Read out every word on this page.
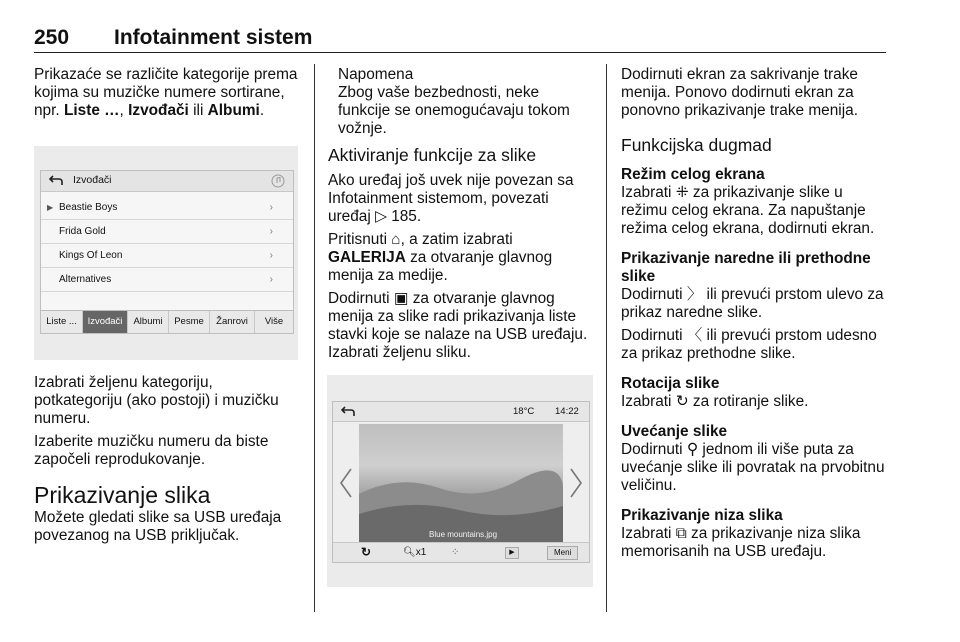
250 Infotainment sistem

Prikazaće se različite kategorije prema kojima su muzičke numere sortirane, npr. Liste …, Izvođači ili Albumi.

Izvođači
▶ Beastie Boys	›
Frida Gold	›
Kings Of Leon	›
Alternatives	›
Liste ...	Izvođači	Albumi	Pesme	Žanrovi	Više

Izabrati željenu kategoriju, potkategoriju (ako postoji) i muzičku numeru.

Izaberite muzičku numeru da biste započeli reprodukovanje.

Prikazivanje slika

Možete gledati slike sa USB uređaja povezanog na USB priključak.

Napomena
Zbog vaše bezbednosti, neke funkcije se onemogućavaju tokom vožnje.
Aktiviranje funkcije za slike

Ako uređaj još uvek nije povezan sa Infotainment sistemom, povezati uređaj ▷ 185.

Pritisnuti ⌂, a zatim izabrati GALERIJA za otvaranje glavnog menija za medije.

Dodirnuti ▣ za otvaranje glavnog menija za slike radi prikazivanja liste stavki koje se nalaze na USB uređaju. Izabrati željenu sliku.

18°C 14:22
Blue mountains.jpg
↻	🔍︎x1 ⁘	▶	Meni

Dodirnuti ekran za sakrivanje trake menija. Ponovo dodirnuti ekran za ponovno prikazivanje trake menija.

Funkcijska dugmad
Režim celog ekrana

Izabrati ⁜ za prikazivanje slike u režimu celog ekrana. Za napuštanje režima celog ekrana, dodirnuti ekran.

Prikazivanje naredne ili prethodne slike

Dodirnuti 〉 ili prevući prstom ulevo za prikaz naredne slike.

Dodirnuti 〈 ili prevući prstom udesno za prikaz prethodne slike.

Rotacija slike

Izabrati ↻ za rotiranje slike.

Uvećanje slike

Dodirnuti ⚲ jednom ili više puta za uvećanje slike ili povratak na prvobitnu veličinu.

Prikazivanje niza slika

Izabrati ⧉ za prikazivanje niza slika memorisanih na USB uređaju.
